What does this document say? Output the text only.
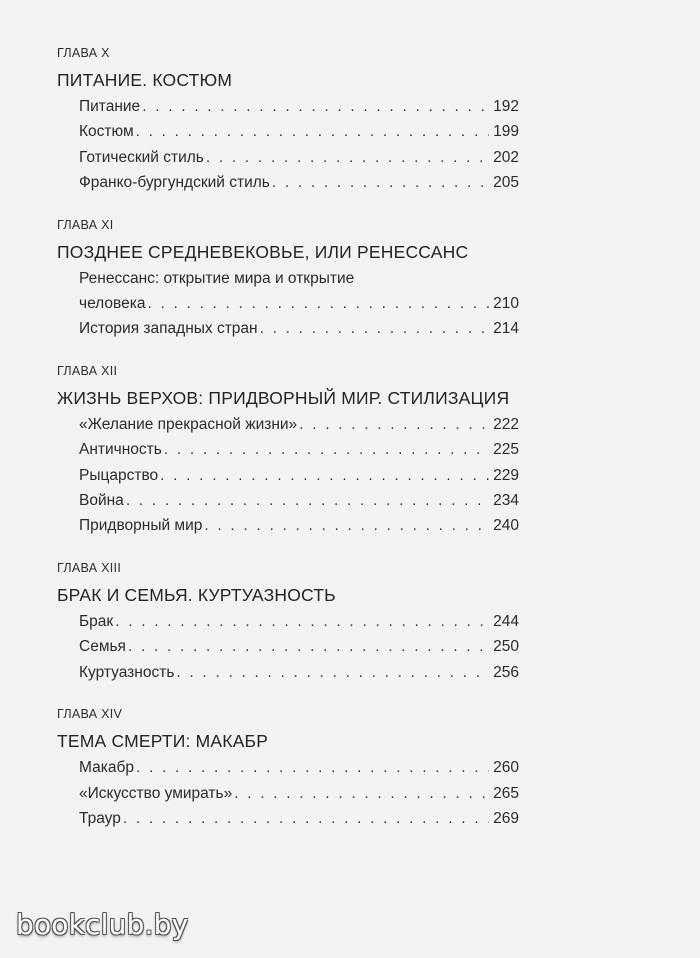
ГЛАВА X
ПИТАНИЕ. КОСТЮМ
Питание . . .	192
Костюм . . .	199
Готический стиль . . .	202
Франко-бургундский стиль . . .	205
ГЛАВА XI
ПОЗДНЕЕ СРЕДНЕВЕКОВЬЕ, ИЛИ РЕНЕССАНС
Ренессанс: открытие мира и открытие
человека . . .	210
История западных стран . . .	214
ГЛАВА XII
ЖИЗНЬ ВЕРХОВ: ПРИДВОРНЫЙ МИР. СТИЛИЗАЦИЯ
«Желание прекрасной жизни» . . .	222
Античность . . .	225
Рыцарство . . .	229
Война . . .	234
Придворный мир . . .	240
ГЛАВА XIII
БРАК И СЕМЬЯ. КУРТУАЗНОСТЬ
Брак . . .	244
Семья . . .	250
Куртуазность . . .	256
ГЛАВА XIV
ТЕМА СМЕРТИ: МАКАБР
Макабр . . .	260
«Искусство умирать» . . .	265
Траур . . .	269
bookclub.by
